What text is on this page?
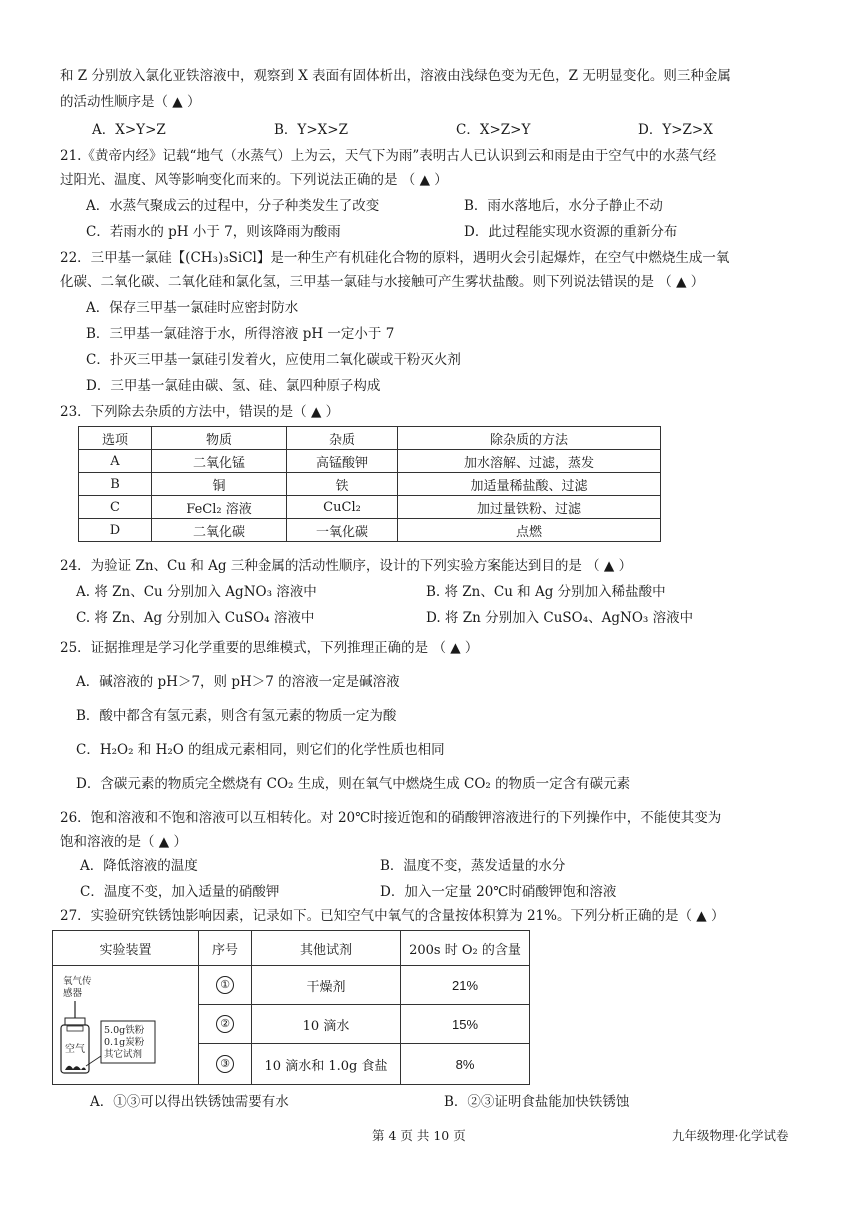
和 Z 分别放入氯化亚铁溶液中，观察到 X 表面有固体析出，溶液由浅绿色变为无色，Z 无明显变化。则三种金属
的活动性顺序是（ ▲ ）
A．X>Y>Z	B．Y>X>Z	C．X>Z>Y	D．Y>Z>X
21.《黄帝内经》记载“地气（水蒸气）上为云，天气下为雨”表明古人已认识到云和雨是由于空气中的水蒸气经
过阳光、温度、风等影响变化而来的。下列说法正确的是 （ ▲ ）
A．水蒸气聚成云的过程中，分子种类发生了改变	B．雨水落地后，水分子静止不动
C．若雨水的 pH 小于 7，则该降雨为酸雨	D．此过程能实现水资源的重新分布
22．三甲基一氯硅【(CH₃)₃SiCl】是一种生产有机硅化合物的原料，遇明火会引起爆炸，在空气中燃烧生成一氧
化碳、二氧化碳、二氧化硅和氯化氢，三甲基一氯硅与水接触可产生雾状盐酸。则下列说法错误的是 （ ▲ ）
A．保存三甲基一氯硅时应密封防水
B．三甲基一氯硅溶于水，所得溶液 pH 一定小于 7
C．扑灭三甲基一氯硅引发着火，应使用二氧化碳或干粉灭火剂
D．三甲基一氯硅由碳、氢、硅、氯四种原子构成
23．下列除去杂质的方法中，错误的是（ ▲ ）
选项	物质	杂质	除杂质的方法
A	二氧化锰	高锰酸钾	加水溶解、过滤，蒸发
B	铜	铁	加适量稀盐酸、过滤
C	FeCl₂ 溶液	CuCl₂	加过量铁粉、过滤
D	二氧化碳	一氧化碳	点燃
24．为验证 Zn、Cu 和 Ag 三种金属的活动性顺序，设计的下列实验方案能达到目的是 （ ▲ ）
A. 将 Zn、Cu 分别加入 AgNO₃ 溶液中	B. 将 Zn、Cu 和 Ag 分别加入稀盐酸中
C. 将 Zn、Ag 分别加入 CuSO₄ 溶液中	D. 将 Zn 分别加入 CuSO₄、AgNO₃ 溶液中
25．证据推理是学习化学重要的思维模式，下列推理正确的是 （ ▲ ）
A．碱溶液的 pH＞7，则 pH＞7 的溶液一定是碱溶液
B．酸中都含有氢元素，则含有氢元素的物质一定为酸
C．H₂O₂ 和 H₂O 的组成元素相同，则它们的化学性质也相同
D．含碳元素的物质完全燃烧有 CO₂ 生成，则在氧气中燃烧生成 CO₂ 的物质一定含有碳元素
26．饱和溶液和不饱和溶液可以互相转化。对 20℃时接近饱和的硝酸钾溶液进行的下列操作中，不能使其变为
饱和溶液的是（ ▲ ）
A．降低溶液的温度	B．温度不变，蒸发适量的水分
C．温度不变，加入适量的硝酸钾	D．加入一定量 20℃时硝酸钾饱和溶液
27．实验研究铁锈蚀影响因素，记录如下。已知空气中氧气的含量按体积算为 21%。下列分析正确的是（ ▲ ）
实验装置	序号	其他试剂	200s 时 O₂ 的含量

氧气传 感器
空气
5.0g铁粉 0.1g炭粉 其它试剂	①	干燥剂	21%
	②	10 滴水	15%
	③	10 滴水和 1.0g 食盐	8%
A．①③可以得出铁锈蚀需要有水	B．②③证明食盐能加快铁锈蚀
第 4 页 共 10 页	九年级物理·化学试卷
